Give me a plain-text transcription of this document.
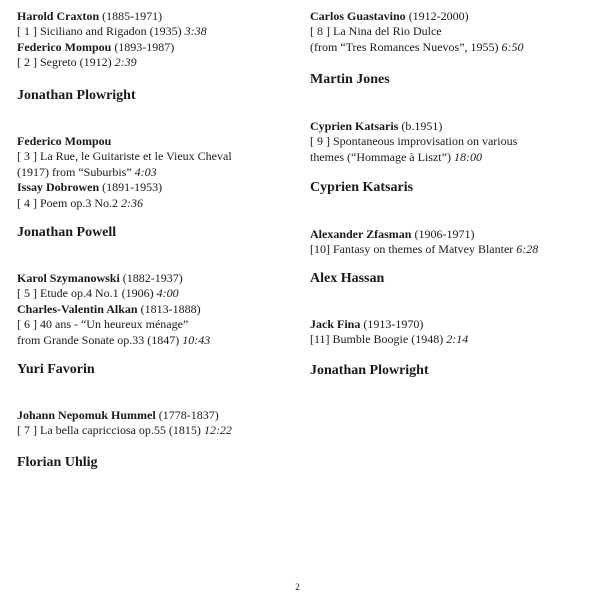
Harold Craxton (1885-1971)

[ 1 ] Siciliano and Rigadon (1935) 3:38

Federico Mompou (1893-1987)

[ 2 ] Segreto (1912) 2:39

Jonathan Plowright

Federico Mompou

[ 3 ] La Rue, le Guitariste et le Vieux Cheval

(1917) from “Suburbis” 4:03

Issay Dobrowen (1891-1953)

[ 4 ] Poem op.3 No.2 2:36

Jonathan Powell

Karol Szymanowski (1882-1937)

[ 5 ] Etude op.4 No.1 (1906) 4:00

Charles-Valentin Alkan (1813-1888)

[ 6 ] 40 ans - “Un heureux ménage”

from Grande Sonate op.33 (1847) 10:43

Yuri Favorin

Johann Nepomuk Hummel (1778-1837)

[ 7 ] La bella capricciosa op.55 (1815) 12:22

Florian Uhlig

Carlos Guastavino (1912-2000)

[ 8 ] La Nina del Rio Dulce

(from “Tres Romances Nuevos”, 1955) 6:50

Martin Jones

Cyprien Katsaris (b.1951)

[ 9 ] Spontaneous improvisation on various

themes (“Hommage à Liszt”) 18:00

Cyprien Katsaris

Alexander Zfasman (1906-1971)

[10] Fantasy on themes of Matvey Blanter 6:28

Alex Hassan

Jack Fina (1913-1970)

[11] Bumble Boogie (1948) 2:14

Jonathan Plowright

2
